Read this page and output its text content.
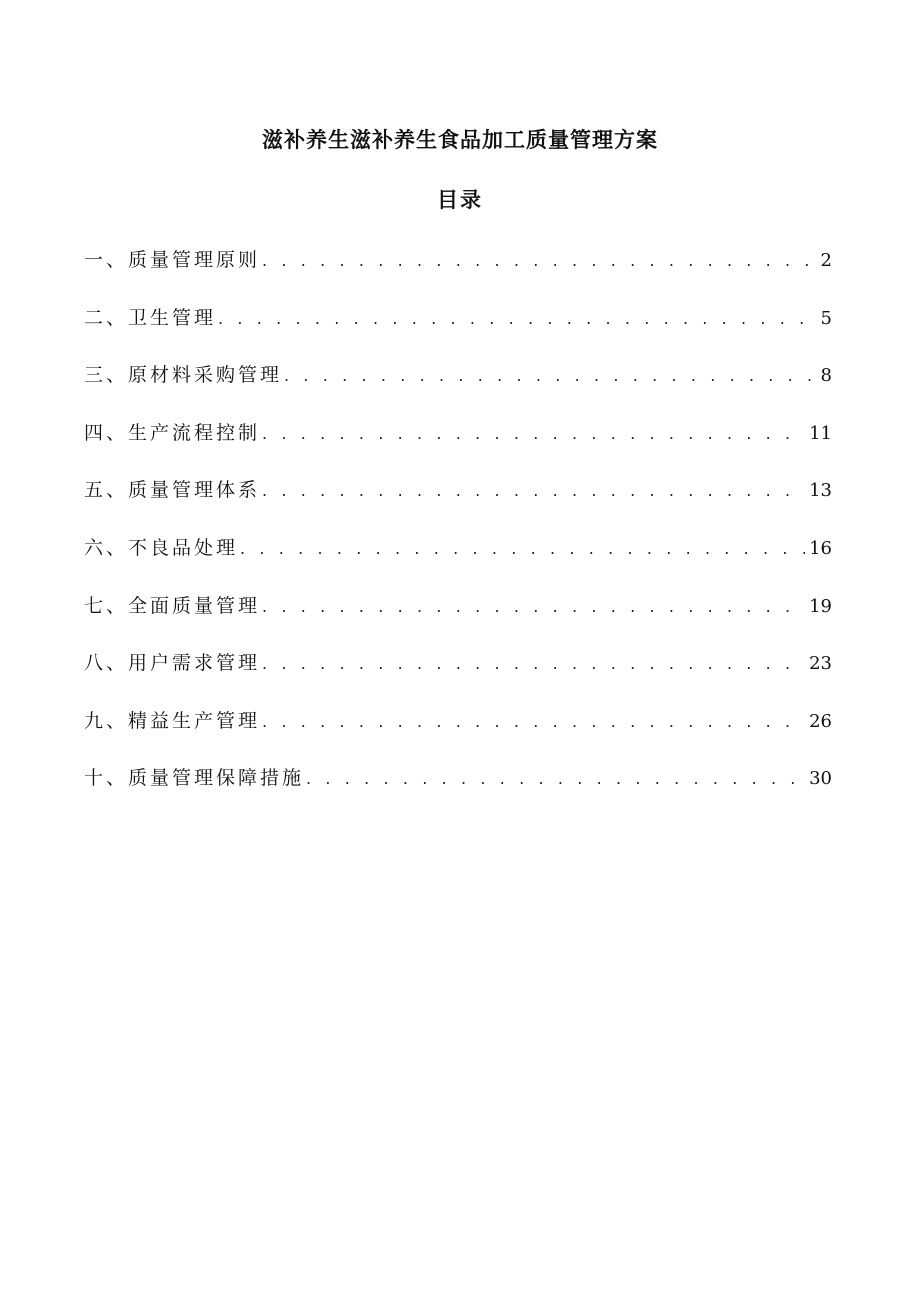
滋补养生滋补养生食品加工质量管理方案
目录
一、质量管理原则 . . .	2
二、卫生管理 . . .	5
三、原材料采购管理 . . .	8
四、生产流程控制 . . .	11
五、质量管理体系 . . .	13
六、不良品处理 . . .	16
七、全面质量管理 . . .	19
八、用户需求管理 . . .	23
九、精益生产管理 . . .	26
十、质量管理保障措施 . . .	30
